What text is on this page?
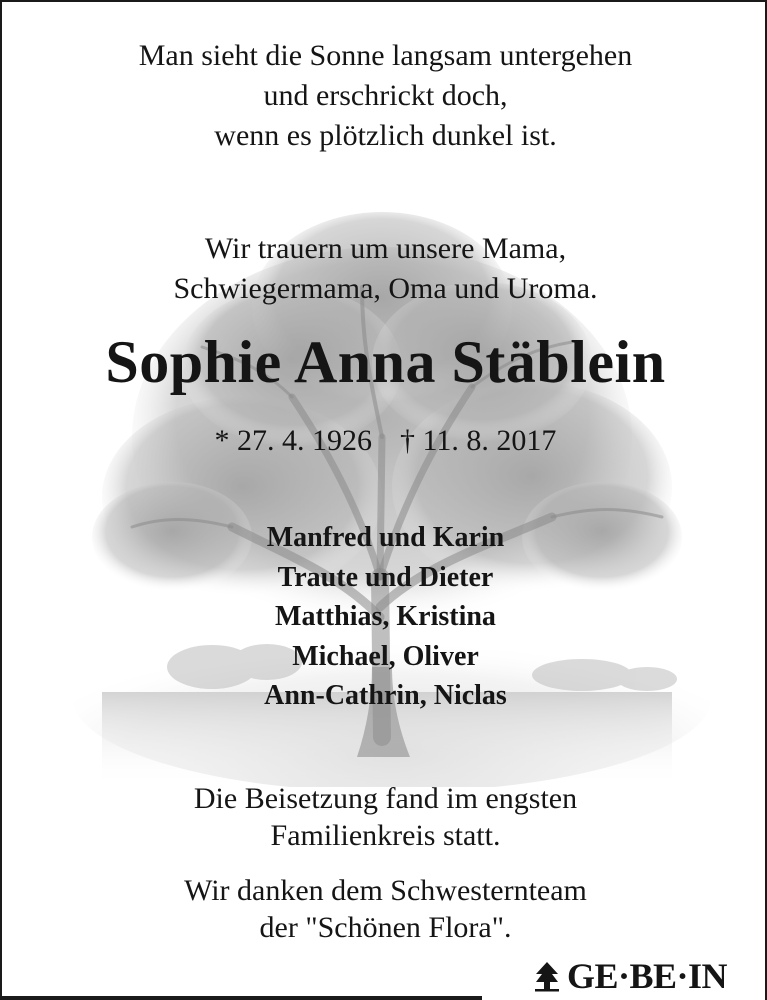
Man sieht die Sonne langsam untergehen
und erschrickt doch,
wenn es plötzlich dunkel ist.
Wir trauern um unsere Mama,
Schwiegermama, Oma und Uroma.
Sophie Anna Stäblein
* 27. 4. 1926 † 11. 8. 2017
Manfred und Karin
Traute und Dieter
Matthias, Kristina
Michael, Oliver
Ann-Cathrin, Niclas
Die Beisetzung fand im engsten
Familienkreis statt.
Wir danken dem Schwesternteam
der "Schönen Flora".
GE·BE·IN
